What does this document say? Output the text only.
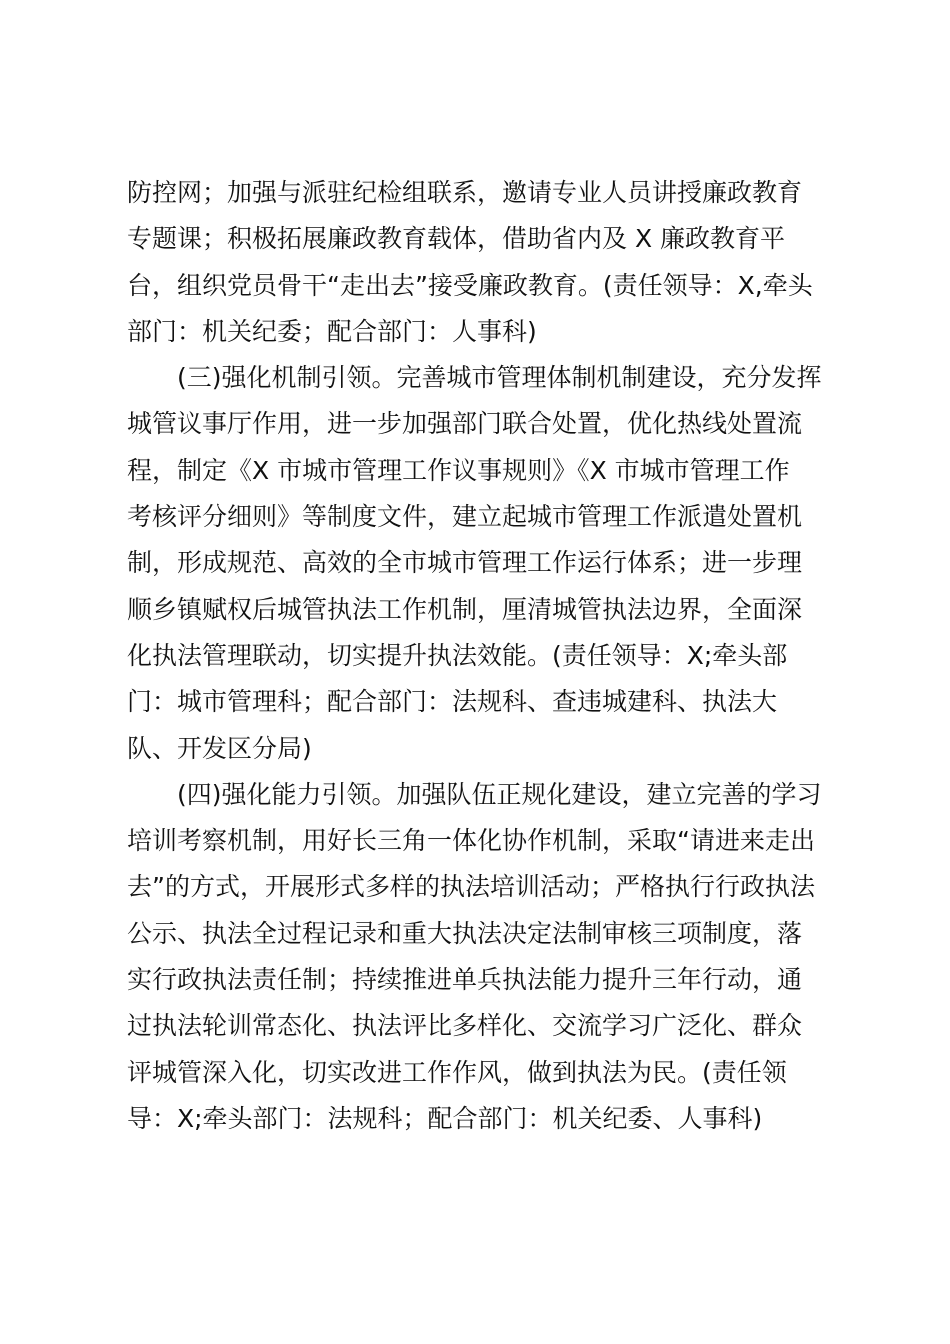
防控网；加强与派驻纪检组联系，邀请专业人员讲授廉政教育
专题课；积极拓展廉政教育载体，借助省内及 X 廉政教育平
台，组织党员骨干“走出去”接受廉政教育。(责任领导：X,牵头
部门：机关纪委；配合部门：人事科)
(三)强化机制引领。完善城市管理体制机制建设，充分发挥
城管议事厅作用，进一步加强部门联合处置，优化热线处置流
程，制定《X 市城市管理工作议事规则》《X 市城市管理工作
考核评分细则》等制度文件，建立起城市管理工作派遣处置机
制，形成规范、高效的全市城市管理工作运行体系；进一步理
顺乡镇赋权后城管执法工作机制，厘清城管执法边界，全面深
化执法管理联动，切实提升执法效能。(责任领导：X;牵头部
门：城市管理科；配合部门：法规科、查违城建科、执法大
队、开发区分局)
(四)强化能力引领。加强队伍正规化建设，建立完善的学习
培训考察机制，用好长三角一体化协作机制，采取“请进来走出
去”的方式，开展形式多样的执法培训活动；严格执行行政执法
公示、执法全过程记录和重大执法决定法制审核三项制度，落
实行政执法责任制；持续推进单兵执法能力提升三年行动，通
过执法轮训常态化、执法评比多样化、交流学习广泛化、群众
评城管深入化，切实改进工作作风，做到执法为民。(责任领
导：X;牵头部门：法规科；配合部门：机关纪委、人事科)
